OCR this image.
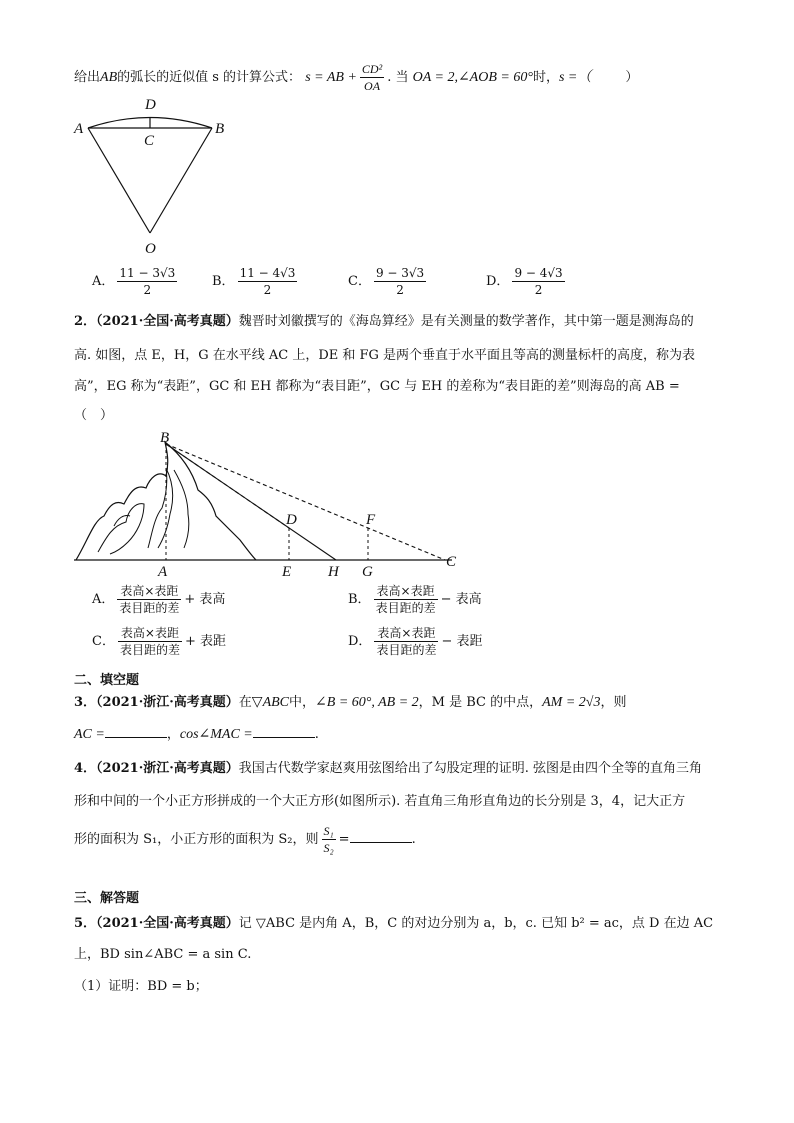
给出AB的弧长的近似值 s 的计算公式： s = AB + $\frac{\text{CD²}}{OA}$ . 当 OA = 2,∠AOB = 60°时，s =（	）
D
A
C
B
O
A． $\frac{11 - 3√3}{2}$	B． $\frac{11 - 4√3}{2}$	C． $\frac{9 - 3√3}{2}$	D． $\frac{9 - 4√3}{2}$
2．（2021·全国·高考真题）魏晋时刘徽撰写的《海岛算经》是有关测量的数学著作，其中第一题是测海岛的
高. 如图，点 E，H，G 在水平线 AC 上，DE 和 FG 是两个垂直于水平面且等高的测量标杆的高度，称为表
高”，EG 称为“表距”，GC 和 EH 都称为“表目距”，GC 与 EH 的差称为“表目距的差”则海岛的高 AB =
（　）
B
D	F
A	E H G
C
A． $\frac{\text{表高×表距}}{\text{表目距的差}}$ + 表高	B． $\frac{\text{表高×表距}}{\text{表目距的差}}$ − 表高
C． $\frac{\text{表高×表距}}{\text{表目距的差}}$ + 表距	D． $\frac{\text{表高×表距}}{\text{表目距的差}}$ − 表距
二、填空题
3．（2021·浙江·高考真题）在▽ABC中，∠B = 60°, AB = 2，M 是 BC 的中点，AM = 2√3，则
AC =	，cos∠MAC =	.
4．（2021·浙江·高考真题）我国古代数学家赵爽用弦图给出了勾股定理的证明. 弦图是由四个全等的直角三角
形和中间的一个小正方形拼成的一个大正方形(如图所示). 若直角三角形直角边的长分别是 3，4，记大正方
形的面积为 S₁，小正方形的面积为 S₂，则 $\frac{\text{S₁}}{\text{S₂}}$ =	.
三、解答题
5．（2021·全国·高考真题）记 ▽ABC 是内角 A，B，C 的对边分别为 a，b，c. 已知 b² = ac，点 D 在边 AC
上，BD sin∠ABC = a sin C.
（1）证明：BD = b；
